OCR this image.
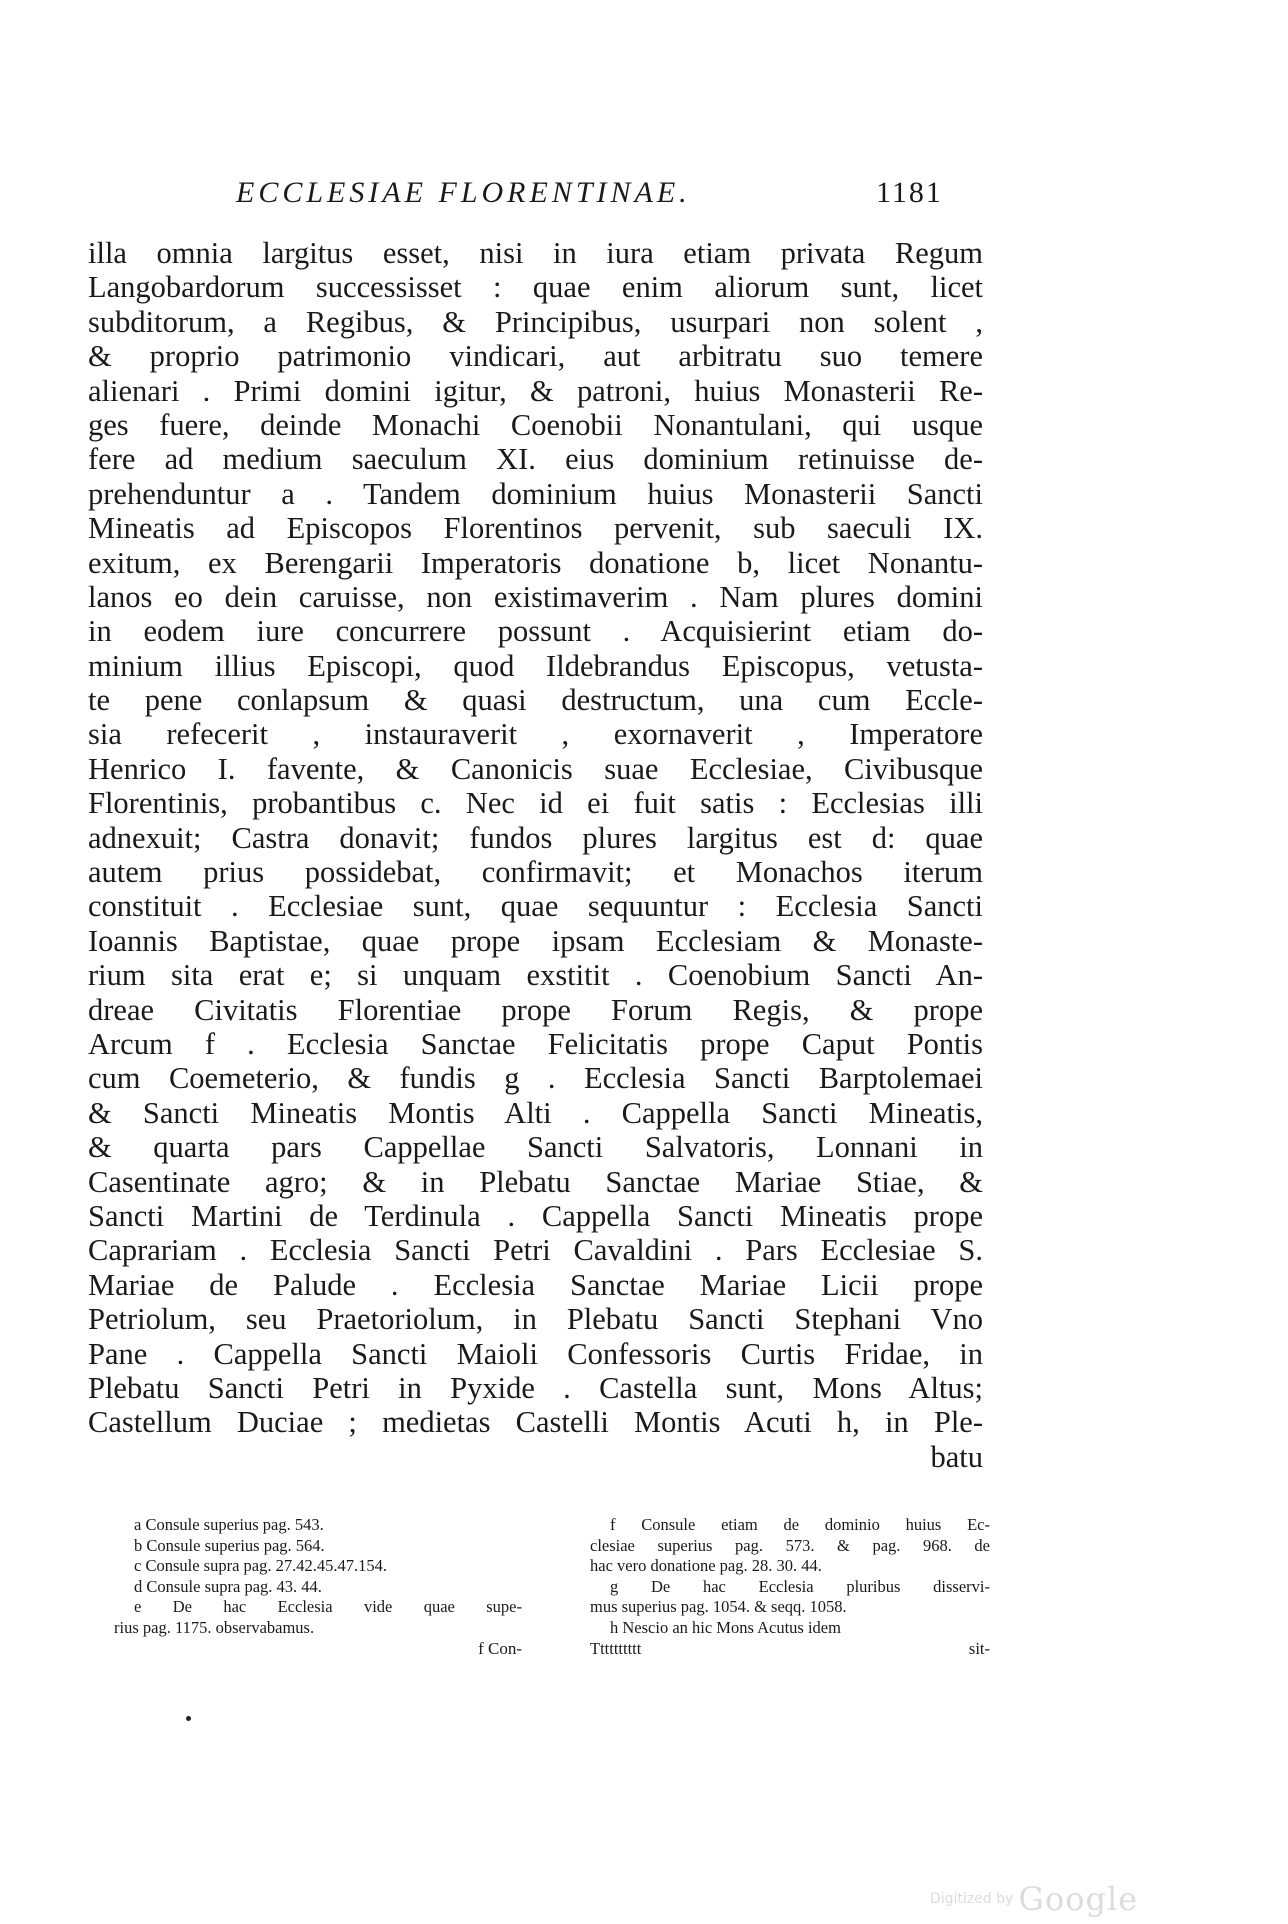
ECCLESIAE FLORENTINAE.	1181
illa omnia largitus esset, nisi in iura etiam privata Regum
Langobardorum successisset : quae enim aliorum sunt, licet
subditorum, a Regibus, & Principibus, usurpari non solent ,
& proprio patrimonio vindicari, aut arbitratu suo temere
alienari . Primi domini igitur, & patroni, huius Monasterii Re-
ges fuere, deinde Monachi Coenobii Nonantulani, qui usque
fere ad medium saeculum XI. eius dominium retinuisse de-
prehenduntur a . Tandem dominium huius Monasterii Sancti
Mineatis ad Episcopos Florentinos pervenit, sub saeculi IX.
exitum, ex Berengarii Imperatoris donatione b, licet Nonantu-
lanos eo dein caruisse, non existimaverim . Nam plures domini
in eodem iure concurrere possunt . Acquisierint etiam do-
minium illius Episcopi, quod Ildebrandus Episcopus, vetusta-
te pene conlapsum & quasi destructum, una cum Eccle-
sia refecerit , instauraverit , exornaverit , Imperatore
Henrico I. favente, & Canonicis suae Ecclesiae, Civibusque
Florentinis, probantibus c. Nec id ei fuit satis : Ecclesias illi
adnexuit; Castra donavit; fundos plures largitus est d: quae
autem prius possidebat, confirmavit; et Monachos iterum
constituit . Ecclesiae sunt, quae sequuntur : Ecclesia Sancti
Ioannis Baptistae, quae prope ipsam Ecclesiam & Monaste-
rium sita erat e; si unquam exstitit . Coenobium Sancti An-
dreae Civitatis Florentiae prope Forum Regis, & prope
Arcum f . Ecclesia Sanctae Felicitatis prope Caput Pontis
cum Coemeterio, & fundis g . Ecclesia Sancti Barptolemaei
& Sancti Mineatis Montis Alti . Cappella Sancti Mineatis,
& quarta pars Cappellae Sancti Salvatoris, Lonnani in
Casentinate agro; & in Plebatu Sanctae Mariae Stiae, &
Sancti Martini de Terdinula . Cappella Sancti Mineatis prope
Caprariam . Ecclesia Sancti Petri Cavaldini . Pars Ecclesiae S.
Mariae de Palude . Ecclesia Sanctae Mariae Licii prope
Petriolum, seu Praetoriolum, in Plebatu Sancti Stephani Vno
Pane . Cappella Sancti Maioli Confessoris Curtis Fridae, in
Plebatu Sancti Petri in Pyxide . Castella sunt, Mons Altus;
Castellum Duciae ; medietas Castelli Montis Acuti h, in Ple-
batu
a Consule superius pag. 543.
b Consule superius pag. 564.
c Consule supra pag. 27.42.45.47.154.
d Consule supra pag. 43. 44.
e De hac Ecclesia vide quae supe-
rius pag. 1175. observabamus.
f Con-
f Consule etiam de dominio huius Ec-
clesiae superius pag. 573. & pag. 968. de
hac vero donatione pag. 28. 30. 44.
g De hac Ecclesia pluribus disservi-
mus superius pag. 1054. & seqq. 1058.
h Nescio an hic Mons Acutus idem
Tttttttttt	sit-
Digitized by Google
